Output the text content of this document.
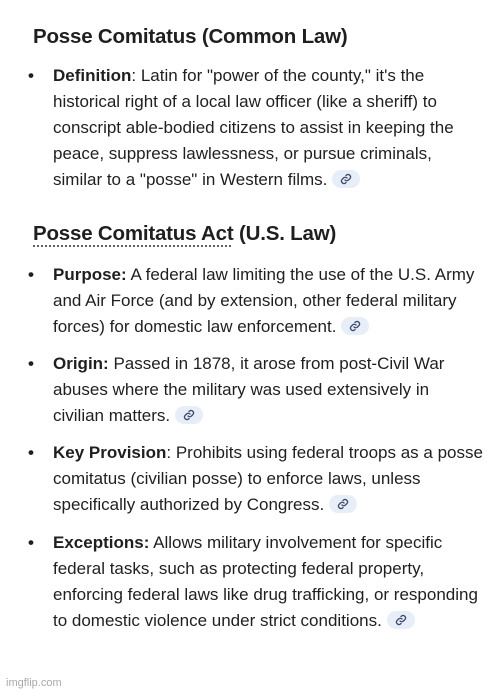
Posse Comitatus (Common Law)
• Definition: Latin for "power of the county," it's the historical right of a local law officer (like a sheriff) to conscript able-bodied citizens to assist in keeping the peace, suppress lawlessness, or pursue criminals, similar to a "posse" in Western films.
Posse Comitatus Act (U.S. Law)
• Purpose: A federal law limiting the use of the U.S. Army and Air Force (and by extension, other federal military forces) for domestic law enforcement.
• Origin: Passed in 1878, it arose from post-Civil War abuses where the military was used extensively in civilian matters.
• Key Provision: Prohibits using federal troops as a posse comitatus (civilian posse) to enforce laws, unless specifically authorized by Congress.
• Exceptions: Allows military involvement for specific federal tasks, such as protecting federal property, enforcing federal laws like drug trafficking, or responding to domestic violence under strict conditions.
imgflip.com
